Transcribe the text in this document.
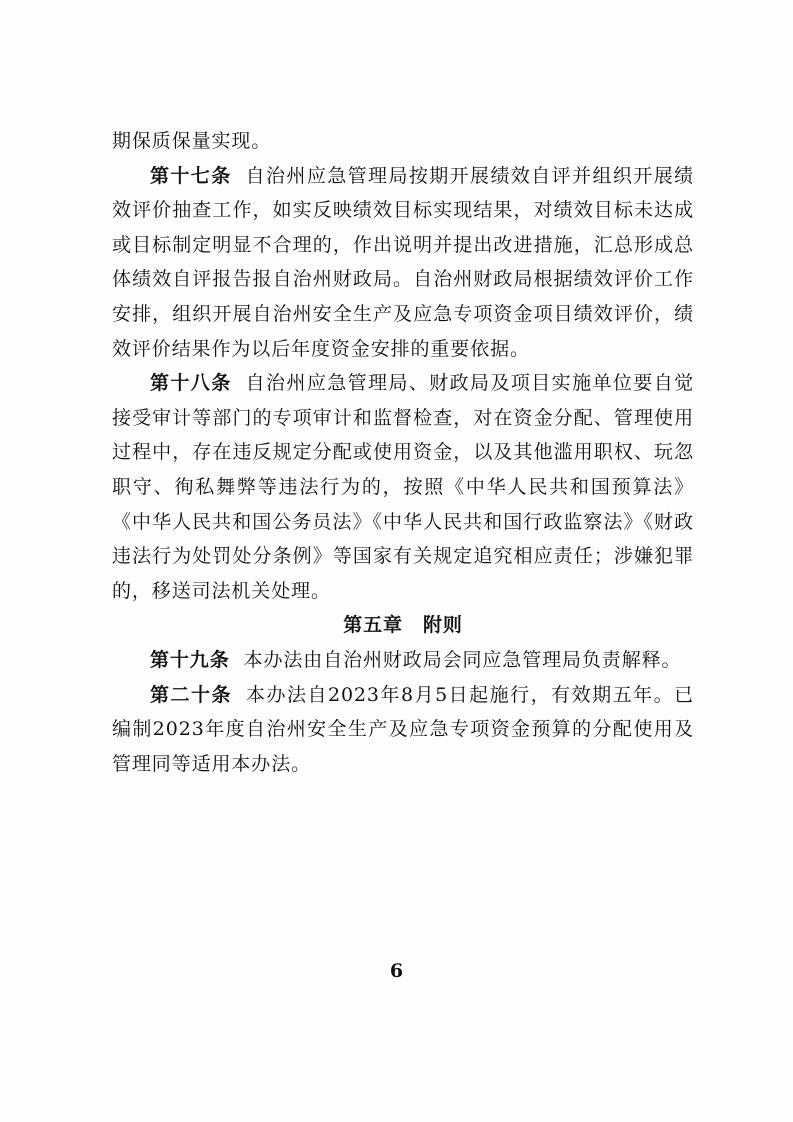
期保质保量实现。

第十七条 自治州应急管理局按期开展绩效自评并组织开展绩效评价抽查工作，如实反映绩效目标实现结果，对绩效目标未达成或目标制定明显不合理的，作出说明并提出改进措施，汇总形成总体绩效自评报告报自治州财政局。自治州财政局根据绩效评价工作安排，组织开展自治州安全生产及应急专项资金项目绩效评价，绩效评价结果作为以后年度资金安排的重要依据。

第十八条 自治州应急管理局、财政局及项目实施单位要自觉接受审计等部门的专项审计和监督检查，对在资金分配、管理使用过程中，存在违反规定分配或使用资金，以及其他滥用职权、玩忽职守、徇私舞弊等违法行为的，按照《中华人民共和国预算法》《中华人民共和国公务员法》《中华人民共和国行政监察法》《财政违法行为处罚处分条例》等国家有关规定追究相应责任；涉嫌犯罪的，移送司法机关处理。

第五章 附则

第十九条 本办法由自治州财政局会同应急管理局负责解释。

第二十条 本办法自2023年8月5日起施行，有效期五年。已编制2023年度自治州安全生产及应急专项资金预算的分配使用及管理同等适用本办法。

6
